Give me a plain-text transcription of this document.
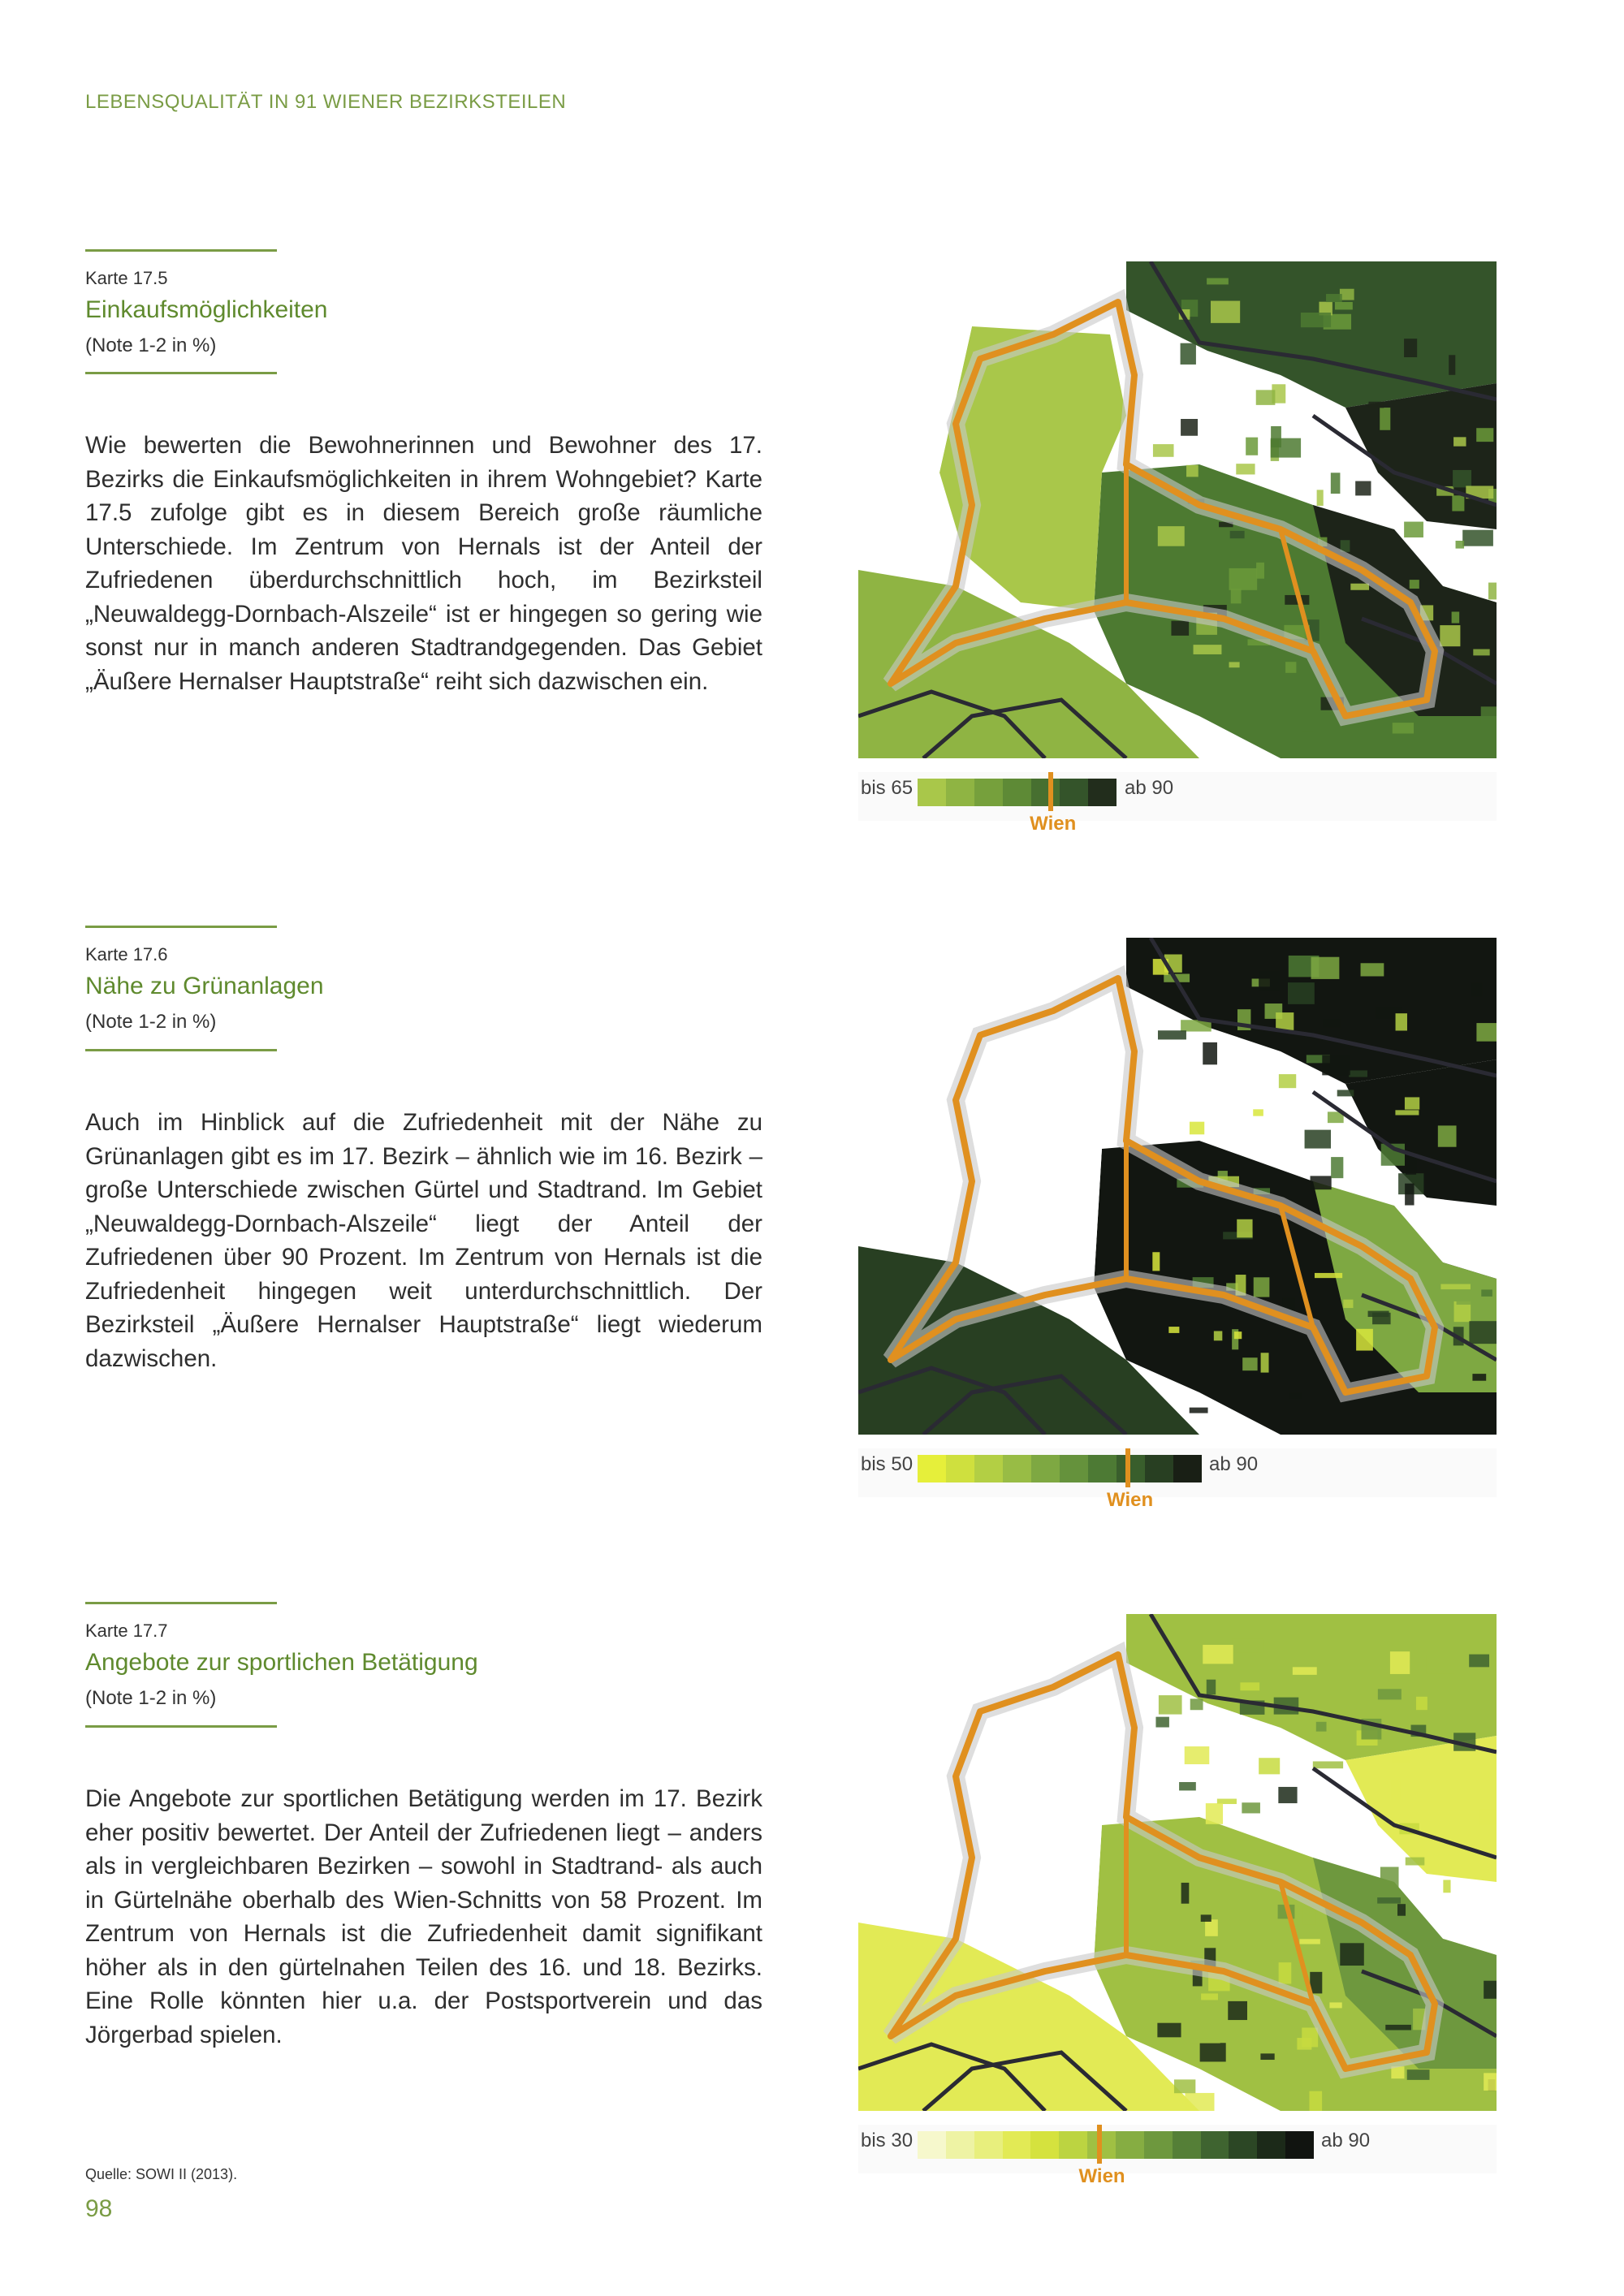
LEBENSQUALITÄT IN 91 WIENER BEZIRKSTEILEN
Karte 17.5
Einkaufsmöglichkeiten
(Note 1-2 in %)

Wie bewerten die Bewohnerinnen und Bewohner des 17. Bezirks die Einkaufsmöglichkeiten in ihrem Wohngebiet? Karte 17.5 zufolge gibt es in diesem Bereich große räumliche Unterschiede. Im Zentrum von Hernals ist der Anteil der Zufriedenen überdurchschnittlich hoch, im Bezirksteil „Neuwaldegg-Dornbach-Alszeile“ ist er hingegen so gering wie sonst nur in manch anderen Stadtrandgegenden. Das Gebiet „Äußere Hernalser Hauptstraße“ reiht sich dazwischen ein.

bis 65	ab 90
Wien
Karte 17.6
Nähe zu Grünanlagen
(Note 1-2 in %)

Auch im Hinblick auf die Zufriedenheit mit der Nähe zu Grünanlagen gibt es im 17. Bezirk – ähnlich wie im 16. Bezirk – große Unterschiede zwischen Gürtel und Stadtrand. Im Gebiet „Neuwaldegg-Dornbach-Alszeile“ liegt der Anteil der Zufriedenen über 90 Prozent. Im Zentrum von Hernals ist die Zufriedenheit hingegen weit unterdurchschnittlich. Der Bezirksteil „Äußere Hernalser Hauptstraße“ liegt wiederum dazwischen.

bis 50	ab 90
Wien
Karte 17.7
Angebote zur sportlichen Betätigung
(Note 1-2 in %)

Die Angebote zur sportlichen Betätigung werden im 17. Bezirk eher positiv bewertet. Der Anteil der Zufriedenen liegt – anders als in vergleichbaren Bezirken – sowohl in Stadtrand- als auch in Gürtelnähe oberhalb des Wien-Schnitts von 58 Prozent. Im Zentrum von Hernals ist die Zufriedenheit damit signifikant höher als in den gürtelnahen Teilen des 16. und 18. Bezirks. Eine Rolle könnten hier u.a. der Postsportverein und das Jörgerbad spielen.

bis 30	ab 90
Wien
Quelle: SOWI II (2013).
98
